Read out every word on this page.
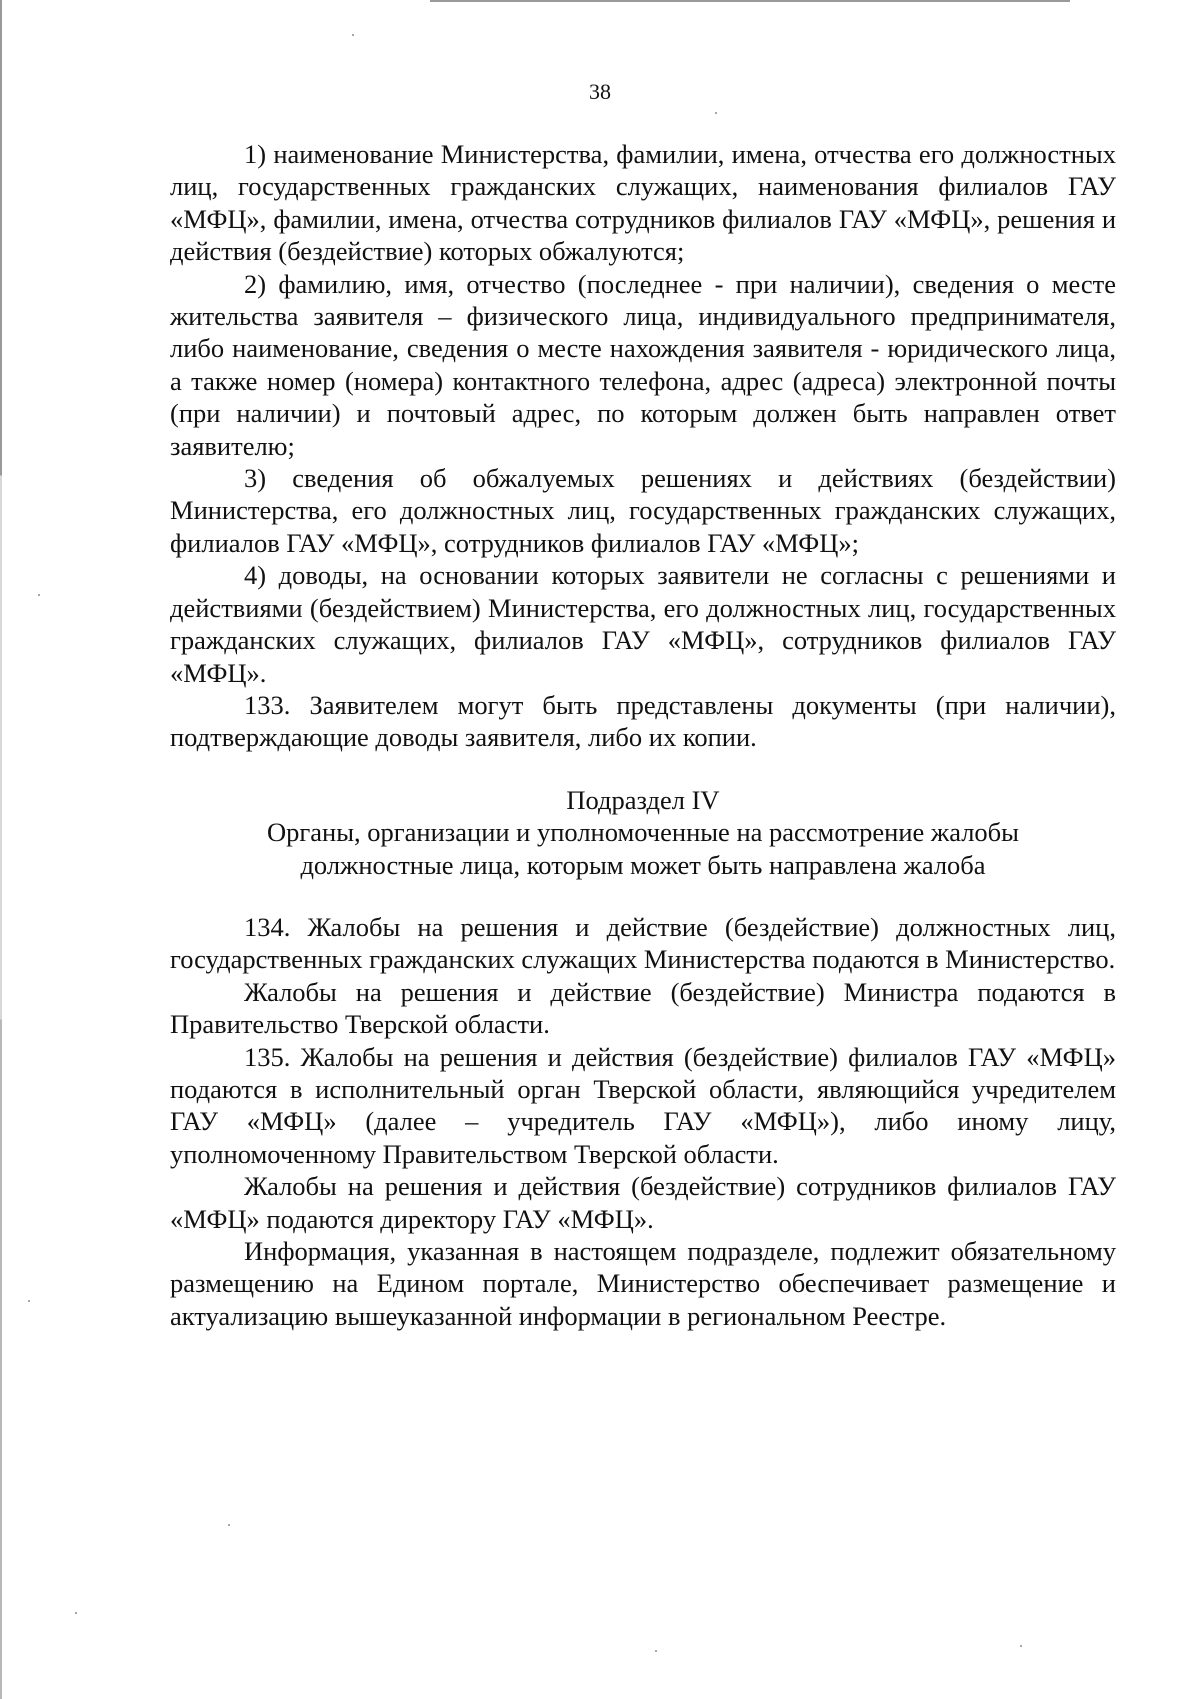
38

1) наименование Министерства, фамилии, имена, отчества его должностных лиц, государственных гражданских служащих, наименования филиалов ГАУ «МФЦ», фамилии, имена, отчества сотрудников филиалов ГАУ «МФЦ», решения и действия (бездействие) которых обжалуются;

2) фамилию, имя, отчество (последнее - при наличии), сведения о месте жительства заявителя – физического лица, индивидуального предпринимателя, либо наименование, сведения о месте нахождения заявителя - юридического лица, а также номер (номера) контактного телефона, адрес (адреса) электронной почты (при наличии) и почтовый адрес, по которым должен быть направлен ответ заявителю;

3) сведения об обжалуемых решениях и действиях (бездействии) Министерства, его должностных лиц, государственных гражданских служащих, филиалов ГАУ «МФЦ», сотрудников филиалов ГАУ «МФЦ»;

4) доводы, на основании которых заявители не согласны с решениями и действиями (бездействием) Министерства, его должностных лиц, государственных гражданских служащих, филиалов ГАУ «МФЦ», сотрудников филиалов ГАУ «МФЦ».

133. Заявителем могут быть представлены документы (при наличии), подтверждающие доводы заявителя, либо их копии.

Подраздел IV

Органы, организации и уполномоченные на рассмотрение жалобы

должностные лица, которым может быть направлена жалоба

134. Жалобы на решения и действие (бездействие) должностных лиц, государственных гражданских служащих Министерства подаются в Министерство.

Жалобы на решения и действие (бездействие) Министра подаются в Правительство Тверской области.

135. Жалобы на решения и действия (бездействие) филиалов ГАУ «МФЦ» подаются в исполнительный орган Тверской области, являющийся учредителем ГАУ «МФЦ» (далее – учредитель ГАУ «МФЦ»), либо иному лицу, уполномоченному Правительством Тверской области.

Жалобы на решения и действия (бездействие) сотрудников филиалов ГАУ «МФЦ» подаются директору ГАУ «МФЦ».

Информация, указанная в настоящем подразделе, подлежит обязательному размещению на Едином портале, Министерство обеспечивает размещение и актуализацию вышеуказанной информации в региональном Реестре.
